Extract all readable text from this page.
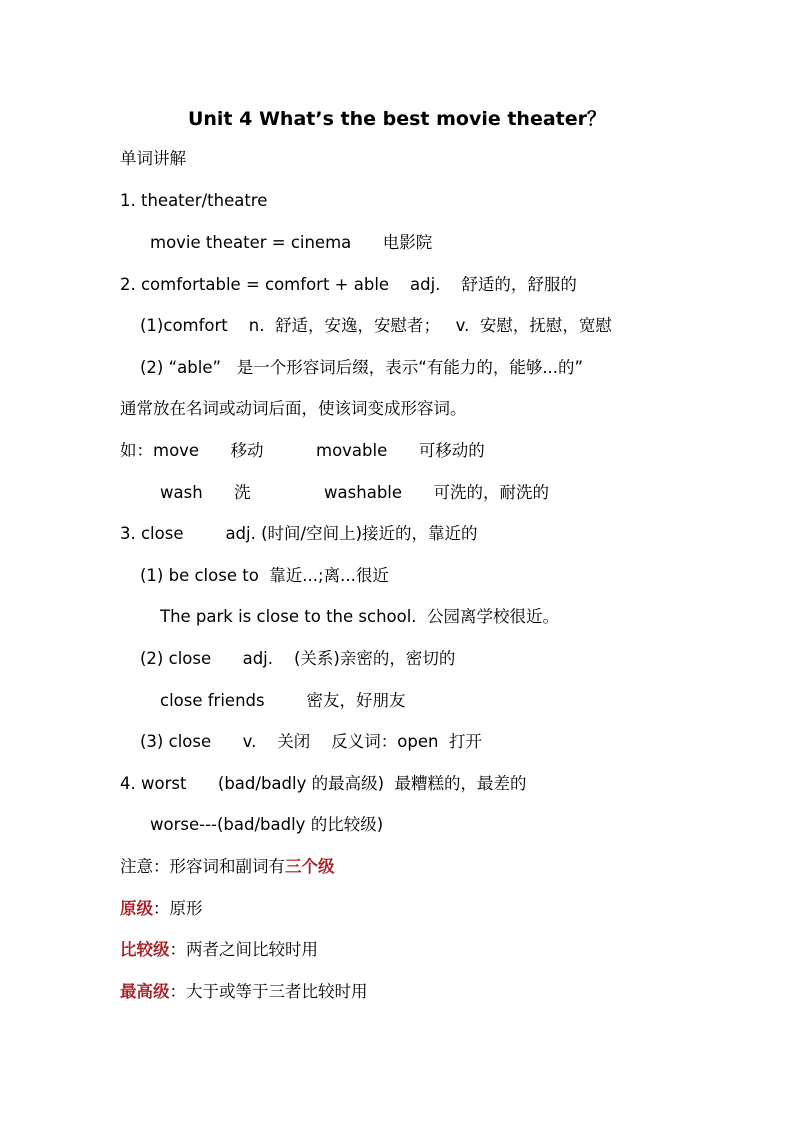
Unit 4 What’s the best movie theater？
单词讲解
1. theater/theatre
movie theater = cinema      电影院
2. comfortable = comfort + able    adj.    舒适的，舒服的
(1)comfort    n.  舒适，安逸，安慰者；   v.  安慰，抚慰，宽慰
(2) “able”   是一个形容词后缀，表示“有能力的，能够...的”
通常放在名词或动词后面，使该词变成形容词。
如：move      移动          movable      可移动的
wash      洗              washable      可洗的，耐洗的
3. close        adj. (时间/空间上)接近的，靠近的
(1) be close to  靠近...;离...很近
The park is close to the school.  公园离学校很近。
(2) close      adj.    (关系)亲密的，密切的
close friends        密友，好朋友
(3) close      v.    关闭    反义词：open  打开
4. worst      (bad/badly 的最高级)  最糟糕的，最差的
worse---(bad/badly 的比较级)
注意：形容词和副词有三个级
原级：原形
比较级：两者之间比较时用
最高级：大于或等于三者比较时用
